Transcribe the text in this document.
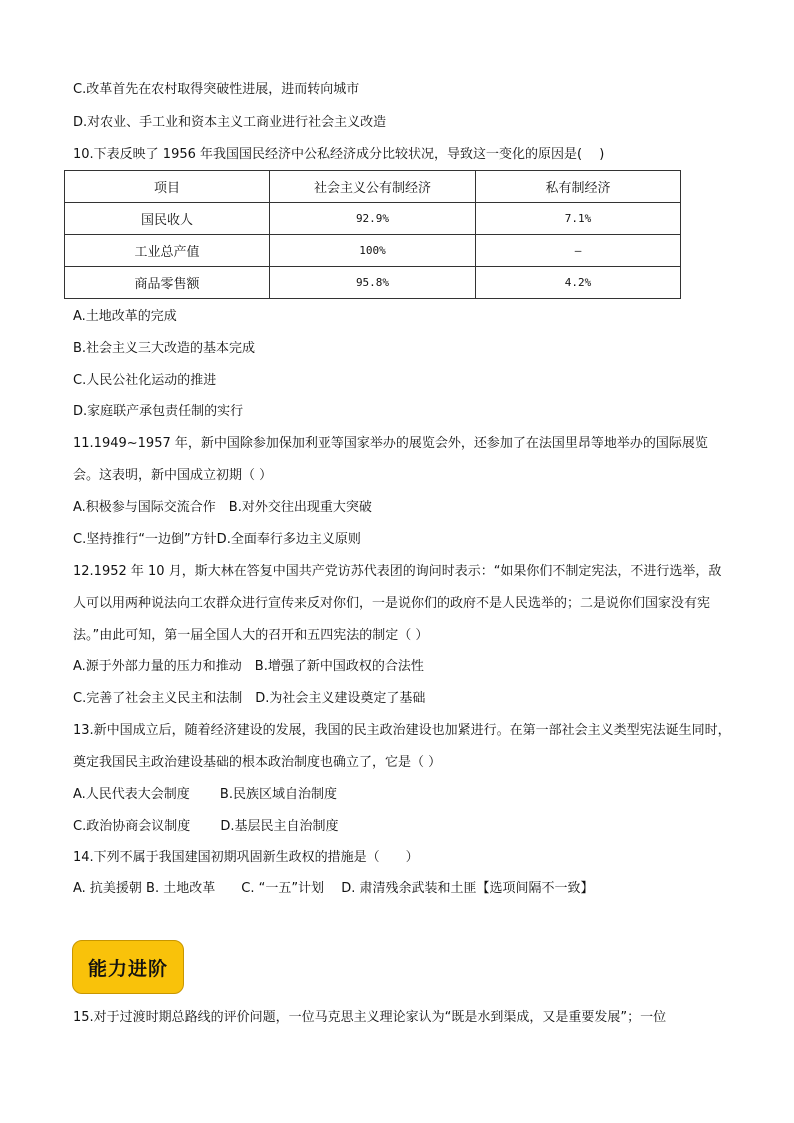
C.改革首先在农村取得突破性进展，进而转向城市
D.对农业、手工业和资本主义工商业进行社会主义改造
10.下表反映了 1956 年我国国民经济中公私经济成分比较状况，导致这一变化的原因是(　 )
项目	社会主义公有制经济	私有制经济
国民收人	92.9%	7.1%
工业总产值	100%	—
商品零售额	95.8%	4.2%
A.土地改革的完成
B.社会主义三大改造的基本完成
C.人民公社化运动的推进
D.家庭联产承包责任制的实行
11.1949~1957 年，新中国除参加保加利亚等国家举办的展览会外，还参加了在法国里昂等地举办的国际展览会。这表明，新中国成立初期（ ）
A.积极参与国际交流合作　B.对外交往出现重大突破
C.坚持推行“一边倒”方针D.全面奉行多边主义原则
12.1952 年 10 月，斯大林在答复中国共产党访苏代表团的询问时表示：“如果你们不制定宪法，不进行选举，敌人可以用两种说法向工农群众进行宣传来反对你们，一是说你们的政府不是人民选举的；二是说你们国家没有宪法。”由此可知，第一届全国人大的召开和五四宪法的制定（ ）
A.源于外部力量的压力和推动　B.增强了新中国政权的合法性
C.完善了社会主义民主和法制　D.为社会主义建设奠定了基础
13.新中国成立后，随着经济建设的发展，我国的民主政治建设也加紧进行。在第一部社会主义类型宪法诞生同时，奠定我国民主政治建设基础的根本政治制度也确立了，它是（ ）
A.人民代表大会制度　　 B.民族区域自治制度
C.政治协商会议制度　　 D.基层民主自治制度
14.下列不属于我国建国初期巩固新生政权的措施是（　　）
A. 抗美援朝 B. 土地改革　　C. “一五”计划　 D. 肃清残余武装和土匪【选项间隔不一致】
能力进阶
15.对于过渡时期总路线的评价问题，一位马克思主义理论家认为“既是水到渠成，又是重要发展”；一位
